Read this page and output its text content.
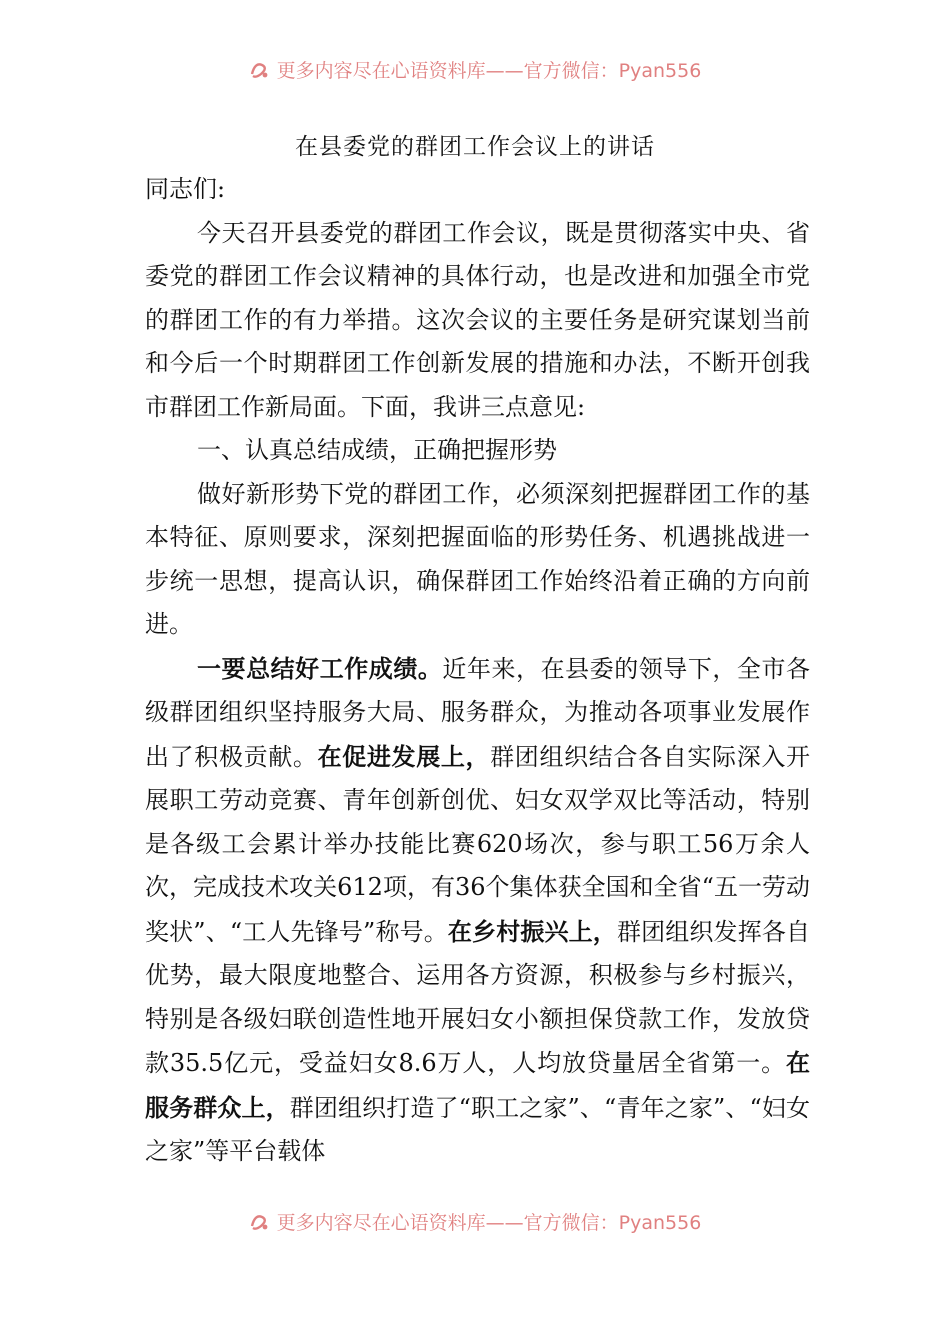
更多内容尽在心语资料库——官方微信：Pyan556
在县委党的群团工作会议上的讲话

同志们:

今天召开县委党的群团工作会议，既是贯彻落实中央、省委党的群团工作会议精神的具体行动，也是改进和加强全市党的群团工作的有力举措。这次会议的主要任务是研究谋划当前和今后一个时期群团工作创新发展的措施和办法，不断开创我市群团工作新局面。下面，我讲三点意见:

一、认真总结成绩，正确把握形势

做好新形势下党的群团工作，必须深刻把握群团工作的基本特征、原则要求，深刻把握面临的形势任务、机遇挑战进一步统一思想，提高认识，确保群团工作始终沿着正确的方向前进。

一要总结好工作成绩。近年来，在县委的领导下，全市各级群团组织坚持服务大局、服务群众，为推动各项事业发展作出了积极贡献。在促进发展上，群团组织结合各自实际深入开展职工劳动竞赛、青年创新创优、妇女双学双比等活动，特别是各级工会累计举办技能比赛620场次，参与职工56万余人次，完成技术攻关612项，有36个集体获全国和全省“五一劳动奖状”、“工人先锋号”称号。在乡村振兴上，群团组织发挥各自优势，最大限度地整合、运用各方资源，积极参与乡村振兴，特别是各级妇联创造性地开展妇女小额担保贷款工作，发放贷款35.5亿元，受益妇女8.6万人，人均放贷量居全省第一。在服务群众上，群团组织打造了“职工之家”、“青年之家”、“妇女之家”等平台载体

更多内容尽在心语资料库——官方微信：Pyan556
